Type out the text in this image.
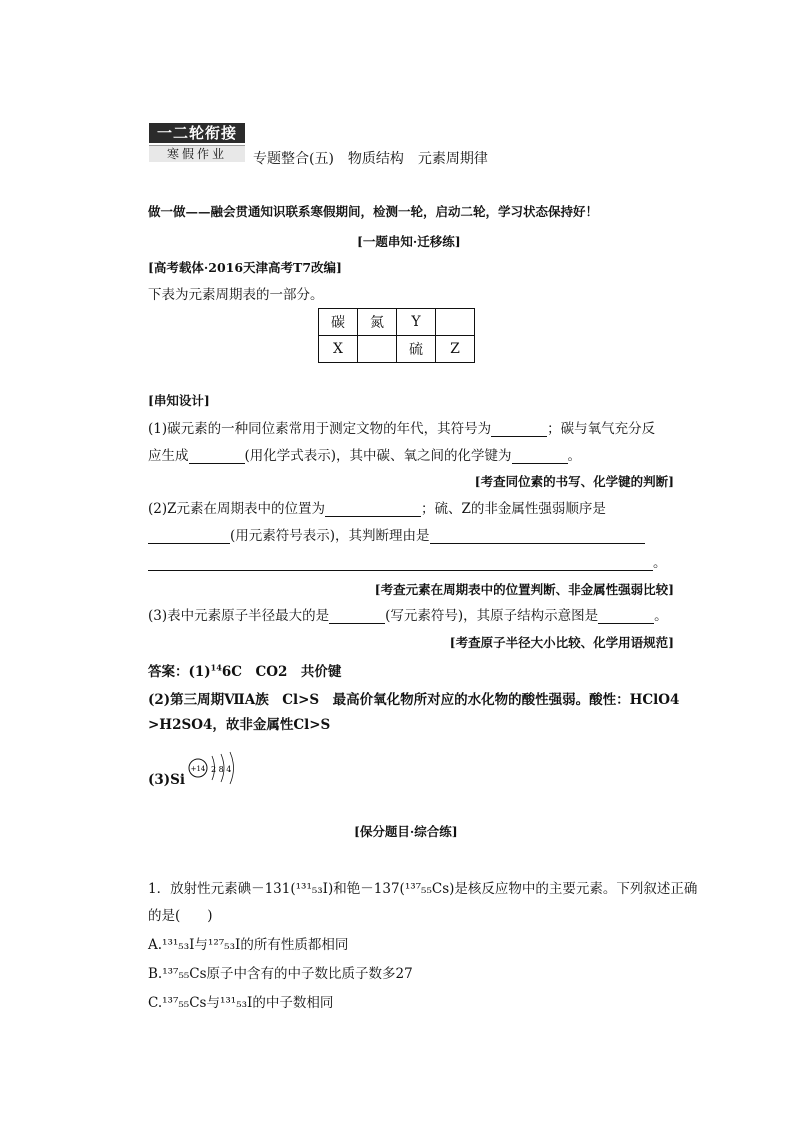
一二轮衔接
寒假作业	专题整合(五)　物质结构　元素周期律
做一做——融会贯通知识联系寒假期间，检测一轮，启动二轮，学习状态保持好！
[一题串知·迁移练]
[高考载体·2016天津高考T7改编]
下表为元素周期表的一部分。
碳	氮	Y	
X		硫	Z
[串知设计]
(1)碳元素的一种同位素常用于测定文物的年代，其符号为	；碳与氧气充分反
应生成	(用化学式表示)，其中碳、氧之间的化学键为	。
[考查同位素的书写、化学键的判断]
(2)Z元素在周期表中的位置为	；硫、Z的非金属性强弱顺序是
(用元素符号表示)，其判断理由是
。
[考查元素在周期表中的位置判断、非金属性强弱比较]
(3)表中元素原子半径最大的是	(写元素符号)，其原子结构示意图是	。
[考查原子半径大小比较、化学用语规范]
答案：$(1)^{14}6C$　CO2　共价键
(2)第三周期ⅦA族　Cl>S　最高价氧化物所对应的水化物的酸性强弱。酸性：HClO4
>H2SO4，故非金属性Cl>S
(3)Si
+14 2 8 4
[保分题目·综合练]
1．放射性元素碘－131(¹³¹₅₃I)和铯－137(¹³⁷₅₅Cs)是核反应物中的主要元素。下列叙述正确
的是(　　)
A.¹³¹₅₃I与¹²⁷₅₃I的所有性质都相同
B.¹³⁷₅₅Cs原子中含有的中子数比质子数多27
C.¹³⁷₅₅Cs与¹³¹₅₃I的中子数相同
